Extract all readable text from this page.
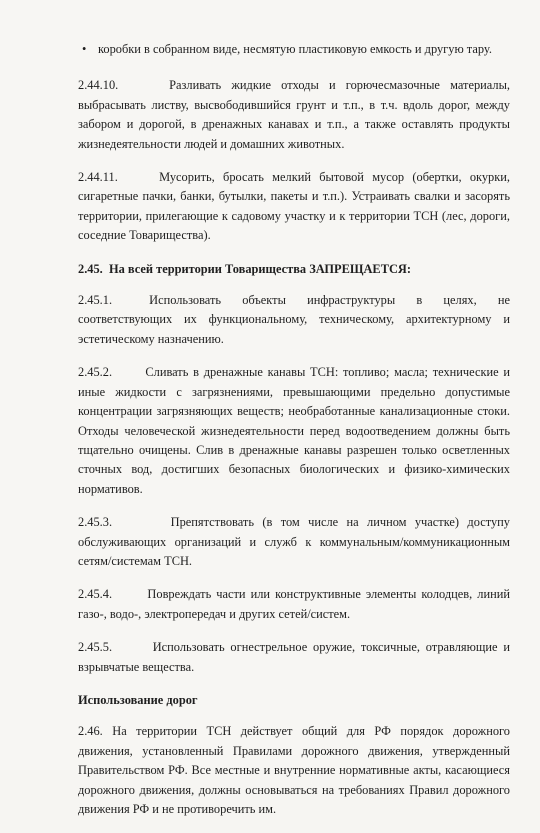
• коробки в собранном виде, несмятую пластиковую емкость и другую тару.

2.44.10.     Разливать жидкие отходы и горючесмазочные материалы, выбрасывать листву, высвободившийся грунт и т.п., в т.ч. вдоль дорог, между забором и дорогой, в дренажных канавах и т.п., а также оставлять продукты жизнедеятельности людей и домашних животных.

2.44.11.     Мусорить, бросать мелкий бытовой мусор (обертки, окурки, сигаретные пачки, банки, бутылки, пакеты и т.п.). Устраивать свалки и засорять территории, прилегающие к садовому участку и к территории ТСН (лес, дороги, соседние Товарищества).

2.45.  На всей территории Товарищества ЗАПРЕЩАЕТСЯ:

2.45.1.       Использовать    объекты    инфраструктуры    в    целях,    не соответствующих их функциональному, техническому, архитектурному и эстетическому назначению.

2.45.2.       Сливать в дренажные канавы ТСН: топливо; масла; технические и иные жидкости с загрязнениями, превышающими предельно допустимые концентрации загрязняющих веществ; необработанные канализационные стоки. Отходы человеческой жизнедеятельности перед водоотведением должны быть тщательно очищены. Слив в дренажные канавы разрешен только осветленных сточных вод, достигших безопасных биологических и физико-химических нормативов.

2.45.3.       Препятствовать (в том числе на личном участке) доступу обслуживающих организаций и служб к коммунальным/коммуникационным сетям/системам ТСН.

2.45.4.       Повреждать части или конструктивные элементы колодцев, линий газо-, водо-, электропередач и других сетей/систем.

2.45.5.       Использовать огнестрельное оружие, токсичные, отравляющие и взрывчатые вещества.

Использование дорог

2.46. На территории ТСН действует общий для РФ порядок дорожного движения, установленный Правилами дорожного движения, утвержденный Правительством РФ. Все местные и внутренние нормативные акты, касающиеся дорожного движения, должны основываться на требованиях Правил дорожного движения РФ и не противоречить им.
